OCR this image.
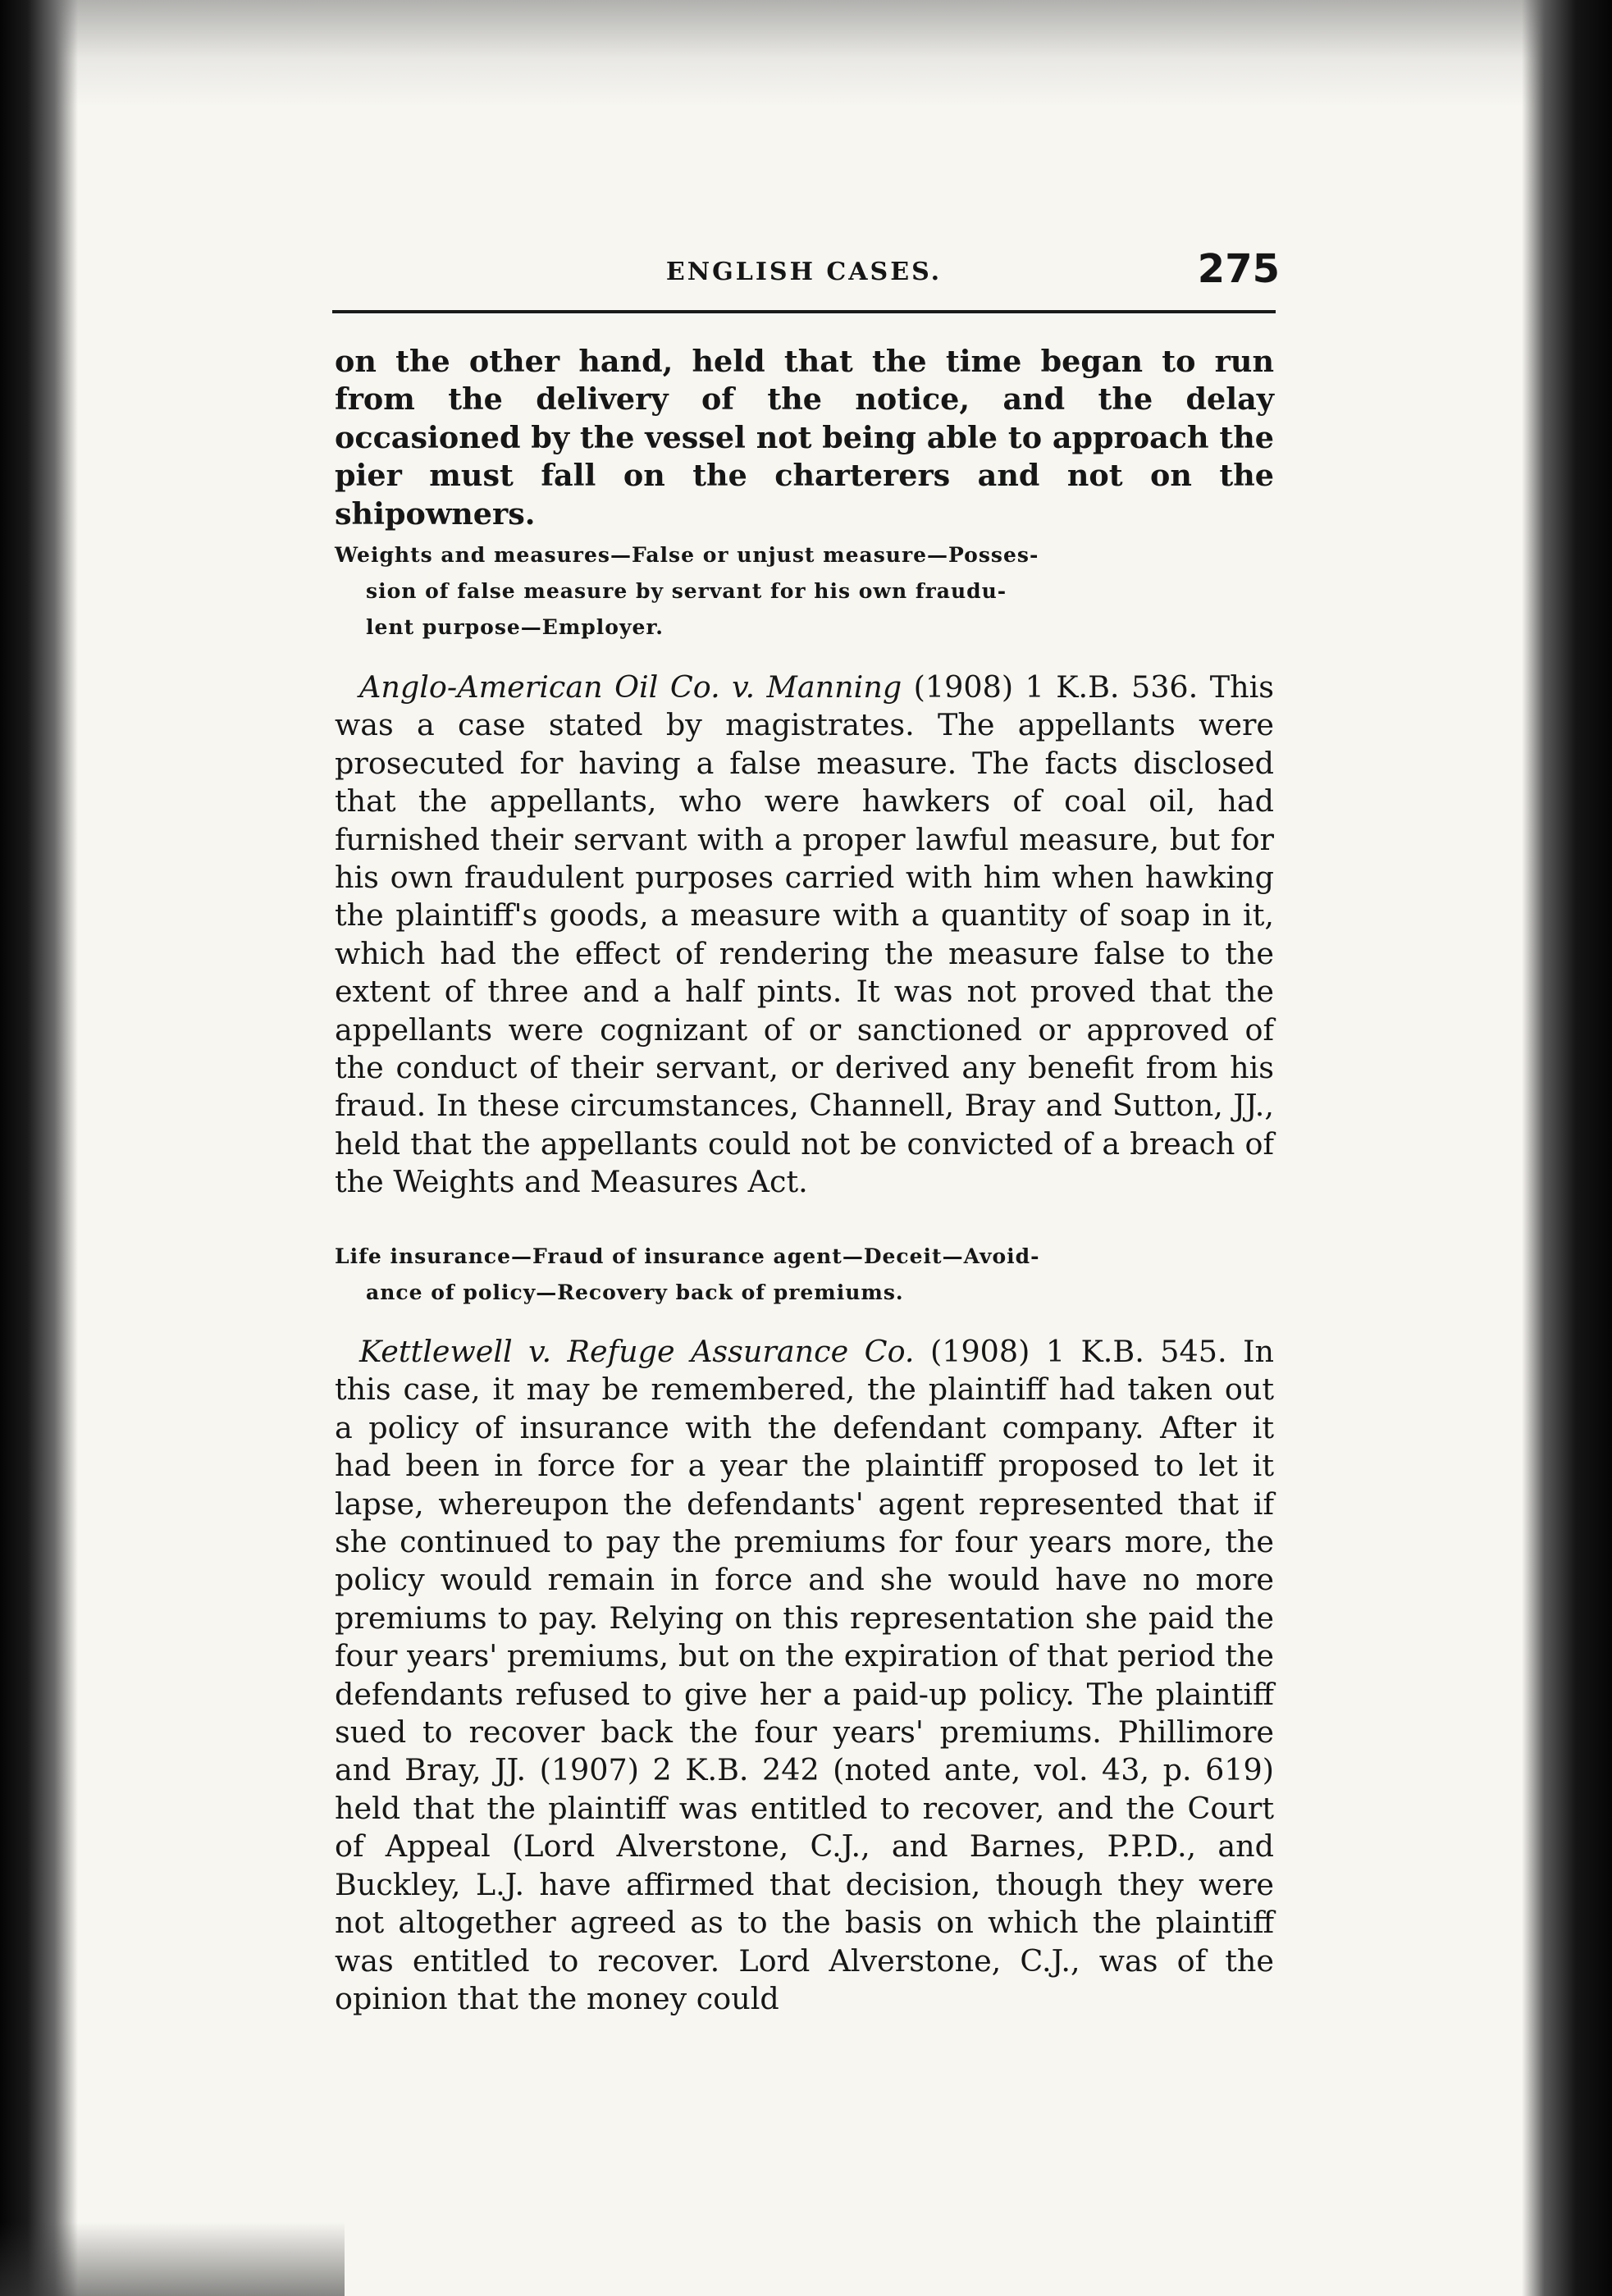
ENGLISH CASES.	275

on the other hand, held that the time began to run from the delivery of the notice, and the delay occasioned by the vessel not being able to approach the pier must fall on the charterers and not on the shipowners.

Weights and measures—False or unjust measure—Posses-
sion of false measure by servant for his own fraudu-
lent purpose—Employer.

Anglo-American Oil Co. v. Manning (1908) 1 K.B. 536. This was a case stated by magistrates. The appellants were prosecuted for having a false measure. The facts disclosed that the appellants, who were hawkers of coal oil, had furnished their servant with a proper lawful measure, but for his own fraudulent purposes carried with him when hawking the plaintiff's goods, a measure with a quantity of soap in it, which had the effect of rendering the measure false to the extent of three and a half pints. It was not proved that the appellants were cognizant of or sanctioned or approved of the conduct of their servant, or derived any benefit from his fraud. In these circumstances, Channell, Bray and Sutton, JJ., held that the appellants could not be convicted of a breach of the Weights and Measures Act.

Life insurance—Fraud of insurance agent—Deceit—Avoid-
ance of policy—Recovery back of premiums.

Kettlewell v. Refuge Assurance Co. (1908) 1 K.B. 545. In this case, it may be remembered, the plaintiff had taken out a policy of insurance with the defendant company. After it had been in force for a year the plaintiff proposed to let it lapse, whereupon the defendants' agent represented that if she continued to pay the premiums for four years more, the policy would remain in force and she would have no more premiums to pay. Relying on this representation she paid the four years' premiums, but on the expiration of that period the defendants refused to give her a paid-up policy. The plaintiff sued to recover back the four years' premiums. Phillimore and Bray, JJ. (1907) 2 K.B. 242 (noted ante, vol. 43, p. 619) held that the plaintiff was entitled to recover, and the Court of Appeal (Lord Alverstone, C.J., and Barnes, P.P.D., and Buckley, L.J. have affirmed that decision, though they were not altogether agreed as to the basis on which the plaintiff was entitled to recover. Lord Alverstone, C.J., was of the opinion that the money could
